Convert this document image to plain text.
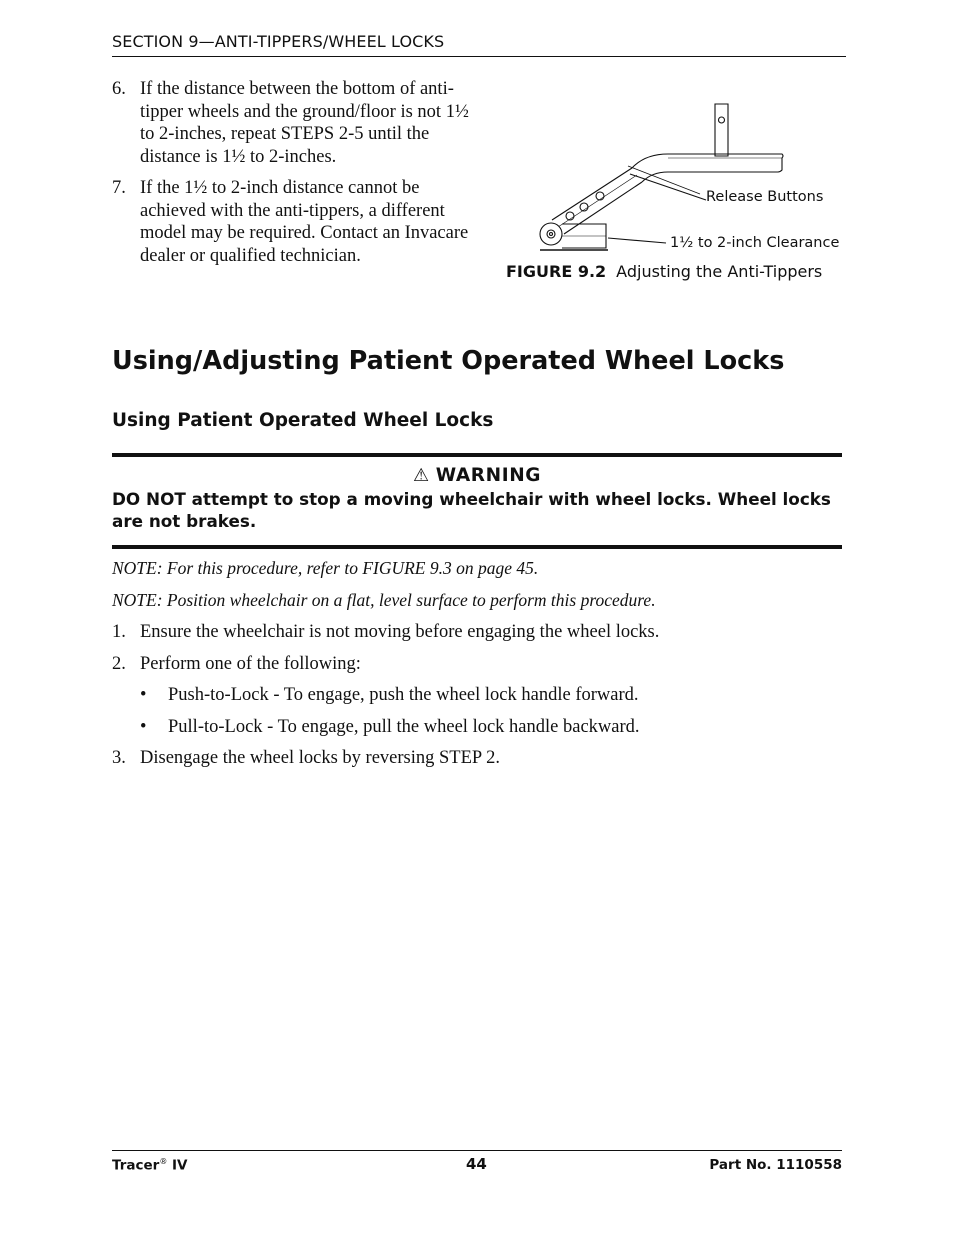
SECTION 9—ANTI-TIPPERS/WHEEL LOCKS
6. If the distance between the bottom of anti-tipper wheels and the ground/floor is not 1½ to 2-inches, repeat STEPS 2-5 until the distance is 1½ to 2-inches.
7. If the 1½ to 2-inch distance cannot be achieved with the anti-tippers, a different model may be required. Contact an Invacare dealer or qualified technician.
Release Buttons
1½ to 2-inch Clearance
FIGURE 9.2 Adjusting the Anti-Tippers
Using/Adjusting Patient Operated Wheel Locks
Using Patient Operated Wheel Locks
⚠ WARNING
DO NOT attempt to stop a moving wheelchair with wheel locks. Wheel locks are not brakes.
NOTE: For this procedure, refer to FIGURE 9.3 on page 45.
NOTE: Position wheelchair on a flat, level surface to perform this procedure.
1. Ensure the wheelchair is not moving before engaging the wheel locks.
2. Perform one of the following:
•	Push-to-Lock - To engage, push the wheel lock handle forward.
•	Pull-to-Lock - To engage, pull the wheel lock handle backward.
3. Disengage the wheel locks by reversing STEP 2.
Tracer® IV	44	Part No. 1110558
